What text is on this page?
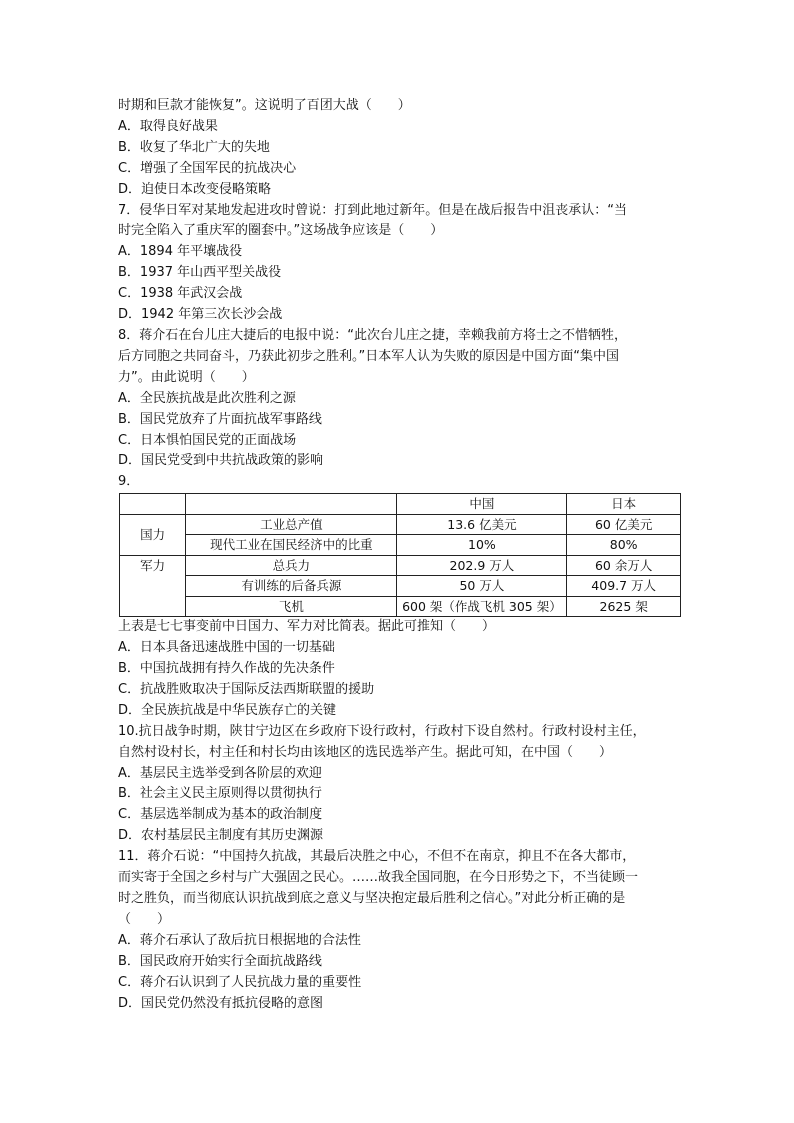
时期和巨款才能恢复”。这说明了百团大战（　　）

A．取得良好战果

B．收复了华北广大的失地

C．增强了全国军民的抗战决心

D．迫使日本改变侵略策略

7．侵华日军对某地发起进攻时曾说：打到此地过新年。但是在战后报告中沮丧承认：“当

时完全陷入了重庆军的圈套中。”这场战争应该是（　　）

A．1894 年平壤战役

B．1937 年山西平型关战役

C．1938 年武汉会战

D．1942 年第三次长沙会战

8．蒋介石在台儿庄大捷后的电报中说：“此次台儿庄之捷，幸赖我前方将士之不惜牺牲，

后方同胞之共同奋斗，乃获此初步之胜利。”日本军人认为失败的原因是中国方面“集中国

力”。由此说明（　　）

A．全民族抗战是此次胜利之源

B．国民党放弃了片面抗战军事路线

C．日本惧怕国民党的正面战场

D．国民党受到中共抗战政策的影响

9．

		中国	日本
国力	工业总产值	13.6 亿美元	60 亿美元
	现代工业在国民经济中的比重	10%	80%
军力	总兵力	202.9 万人	60 余万人
	有训练的后备兵源	50 万人	409.7 万人
	飞机	600 架（作战飞机 305 架）	2625 架

上表是七七事变前中日国力、军力对比简表。据此可推知（　　）

A．日本具备迅速战胜中国的一切基础

B．中国抗战拥有持久作战的先决条件

C．抗战胜败取决于国际反法西斯联盟的援助

D．全民族抗战是中华民族存亡的关键

10.抗日战争时期，陕甘宁边区在乡政府下设行政村，行政村下设自然村。行政村设村主任，

自然村设村长，村主任和村长均由该地区的选民选举产生。据此可知，在中国（　　）

A．基层民主选举受到各阶层的欢迎

B．社会主义民主原则得以贯彻执行

C．基层选举制成为基本的政治制度

D．农村基层民主制度有其历史渊源

11．蒋介石说：“中国持久抗战，其最后决胜之中心，不但不在南京，抑且不在各大都市，

而实寄于全国之乡村与广大强固之民心。……故我全国同胞，在今日形势之下，不当徒顾一

时之胜负，而当彻底认识抗战到底之意义与坚决抱定最后胜利之信心。”对此分析正确的是

（　　）

A．蒋介石承认了敌后抗日根据地的合法性

B．国民政府开始实行全面抗战路线

C．蒋介石认识到了人民抗战力量的重要性

D．国民党仍然没有抵抗侵略的意图
